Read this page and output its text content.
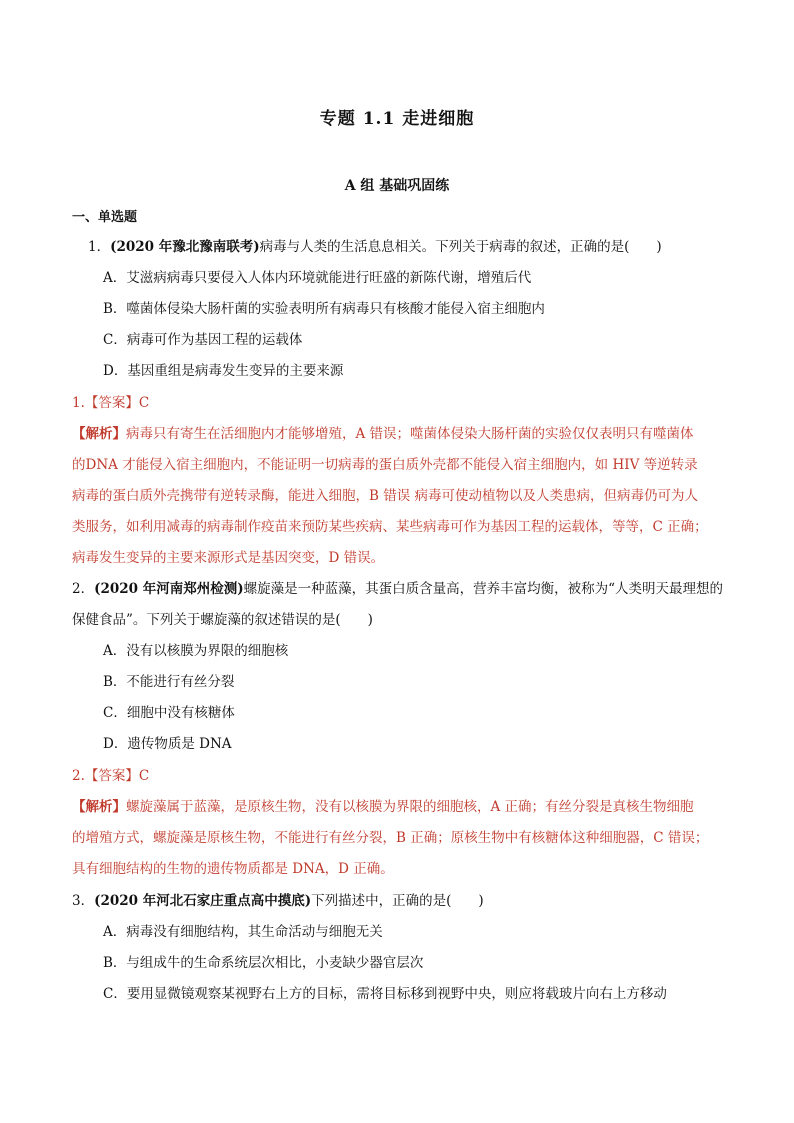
专题 1.1 走进细胞
A 组 基础巩固练
一、单选题
1．(2020 年豫北豫南联考)病毒与人类的生活息息相关。下列关于病毒的叙述，正确的是(　　)
A．艾滋病病毒只要侵入人体内环境就能进行旺盛的新陈代谢，增殖后代
B．噬菌体侵染大肠杆菌的实验表明所有病毒只有核酸才能侵入宿主细胞内
C．病毒可作为基因工程的运载体
D．基因重组是病毒发生变异的主要来源
1.【答案】C
【解析】病毒只有寄生在活细胞内才能够增殖，A 错误；噬菌体侵染大肠杆菌的实验仅仅表明只有噬菌体
的DNA 才能侵入宿主细胞内，不能证明一切病毒的蛋白质外壳都不能侵入宿主细胞内，如 HIV 等逆转录
病毒的蛋白质外壳携带有逆转录酶，能进入细胞，B 错误 病毒可使动植物以及人类患病，但病毒仍可为人
类服务，如利用减毒的病毒制作疫苗来预防某些疾病、某些病毒可作为基因工程的运载体，等等，C 正确；
病毒发生变异的主要来源形式是基因突变，D 错误。
2．(2020 年河南郑州检测)螺旋藻是一种蓝藻，其蛋白质含量高，营养丰富均衡，被称为“人类明天最理想的
保健食品”。下列关于螺旋藻的叙述错误的是(　　)
A．没有以核膜为界限的细胞核
B．不能进行有丝分裂
C．细胞中没有核糖体
D．遗传物质是 DNA
2.【答案】C
【解析】螺旋藻属于蓝藻，是原核生物，没有以核膜为界限的细胞核，A 正确；有丝分裂是真核生物细胞
的增殖方式，螺旋藻是原核生物，不能进行有丝分裂，B 正确；原核生物中有核糖体这种细胞器，C 错误；
具有细胞结构的生物的遗传物质都是 DNA，D 正确。
3．(2020 年河北石家庄重点高中摸底)下列描述中，正确的是(　　)
A．病毒没有细胞结构，其生命活动与细胞无关
B．与组成牛的生命系统层次相比，小麦缺少器官层次
C．要用显微镜观察某视野右上方的目标，需将目标移到视野中央，则应将载玻片向右上方移动
